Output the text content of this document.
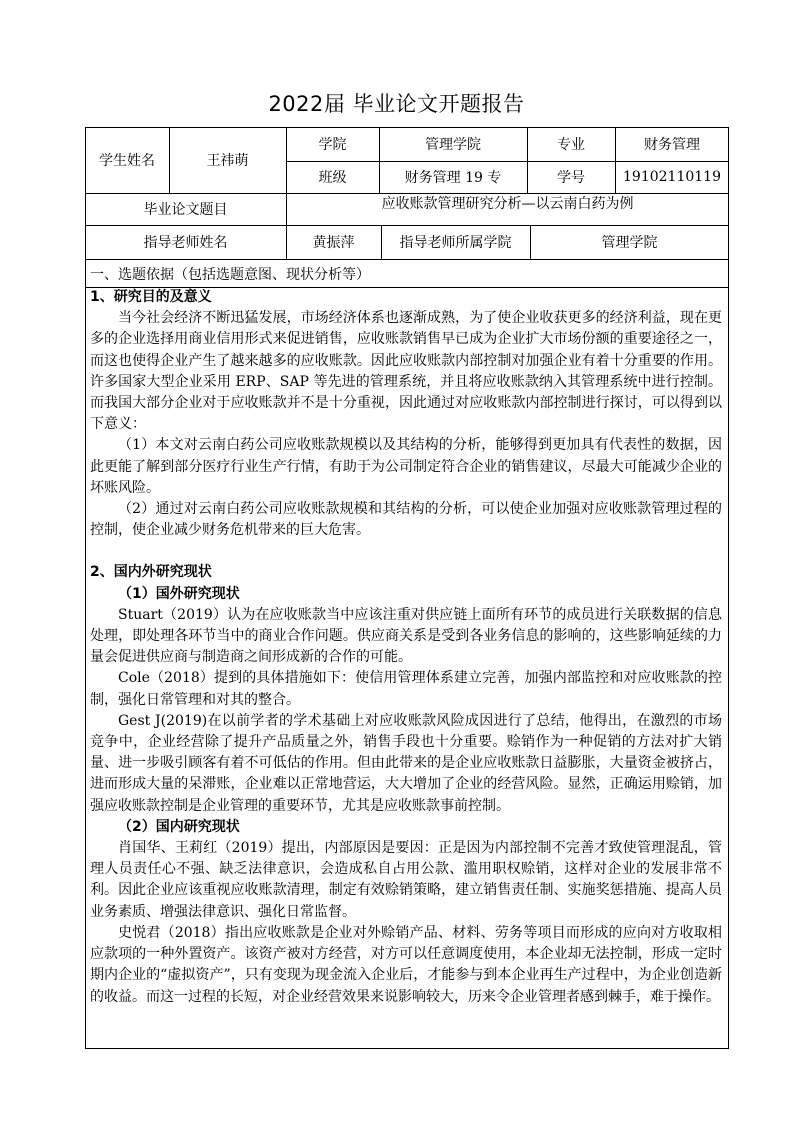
2022届 毕业论文开题报告
学生姓名	王祎萌
学院	管理学院	专业	财务管理
班级	财务管理 19 专	学号	19102110119
毕业论文题目	应收账款管理研究分析—以云南白药为例
指导老师姓名	黄振萍	指导老师所属学院	管理学院
一、选题依据（包括选题意图、现状分析等）

1、研究目的及意义

当今社会经济不断迅猛发展，市场经济体系也逐渐成熟，为了使企业收获更多的经济利益，现在更多的企业选择用商业信用形式来促进销售，应收账款销售早已成为企业扩大市场份额的重要途径之一，而这也使得企业产生了越来越多的应收账款。因此应收账款内部控制对加强企业有着十分重要的作用。许多国家大型企业采用 ERP、SAP 等先进的管理系统，并且将应收账款纳入其管理系统中进行控制。而我国大部分企业对于应收账款并不是十分重视，因此通过对应收账款内部控制进行探讨，可以得到以下意义：

（1）本文对云南白药公司应收账款规模以及其结构的分析，能够得到更加具有代表性的数据，因此更能了解到部分医疗行业生产行情，有助于为公司制定符合企业的销售建议，尽最大可能减少企业的坏账风险。

（2）通过对云南白药公司应收账款规模和其结构的分析，可以使企业加强对应收账款管理过程的控制，使企业减少财务危机带来的巨大危害。

2、国内外研究现状

（1）国外研究现状

Stuart（2019）认为在应收账款当中应该注重对供应链上面所有环节的成员进行关联数据的信息处理，即处理各环节当中的商业合作问题。供应商关系是受到各业务信息的影响的，这些影响延续的力量会促进供应商与制造商之间形成新的合作的可能。

Cole（2018）提到的具体措施如下：使信用管理体系建立完善，加强内部监控和对应收账款的控制，强化日常管理和对其的整合。

Gest J(2019)在以前学者的学术基础上对应收账款风险成因进行了总结，他得出，在激烈的市场竞争中，企业经营除了提升产品质量之外，销售手段也十分重要。赊销作为一种促销的方法对扩大销量、进一步吸引顾客有着不可低估的作用。但由此带来的是企业应收账款日益膨胀，大量资金被挤占，进而形成大量的呆滞账，企业难以正常地营运，大大增加了企业的经营风险。显然，正确运用赊销，加强应收账款控制是企业管理的重要环节，尤其是应收账款事前控制。

（2）国内研究现状

肖国华、王莉红（2019）提出，内部原因是要因：正是因为内部控制不完善才致使管理混乱，管理人员责任心不强、缺乏法律意识，会造成私自占用公款、滥用职权赊销，这样对企业的发展非常不利。因此企业应该重视应收账款清理，制定有效赊销策略，建立销售责任制、实施奖惩措施、提高人员业务素质、增强法律意识、强化日常监督。

史悦君（2018）指出应收账款是企业对外赊销产品、材料、劳务等项目而形成的应向对方收取相应款项的一种外置资产。该资产被对方经营，对方可以任意调度使用，本企业却无法控制，形成一定时期内企业的“虚拟资产”，只有变现为现金流入企业后，才能参与到本企业再生产过程中，为企业创造新的收益。而这一过程的长短，对企业经营效果来说影响较大，历来令企业管理者感到棘手，难于操作。
